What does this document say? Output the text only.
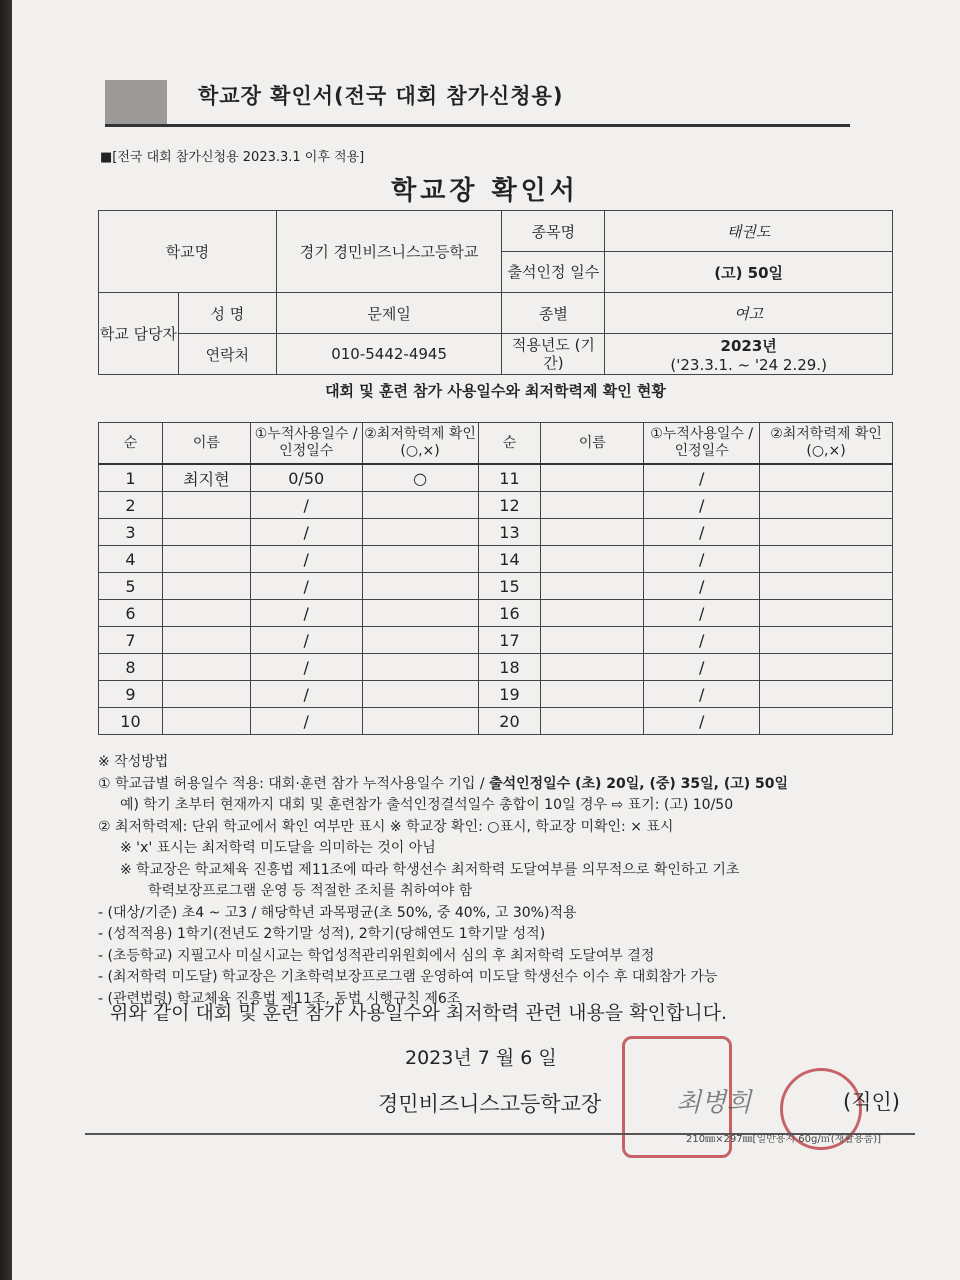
학교장 확인서(전국 대회 참가신청용)
■[전국 대회 참가신청용 2023.3.1 이후 적용]
학교장 확인서
학교명		경기 경민비즈니스고등학교	종목명	태권도
			출석인정 일수	(고) 50일
학교 담당자	성 명	문제일	종별	여고
	연락처	010-5442-4945	적용년도 (기간)	2023년
('23.3.1. ~ '24 2.29.)
대회 및 훈련 참가 사용일수와 최저학력제 확인 현황
순	이름	①누적사용일수 /인정일수	②최저학력제 확인(○,×)	순	이름	①누적사용일수 /인정일수	②최저학력제 확인(○,×)
1	최지현	0/50	○	11		/	
2		/		12		/	
3		/		13		/	
4		/		14		/	
5		/		15		/	
6		/		16		/	
7		/		17		/	
8		/		18		/	
9		/		19		/	
10		/		20		/	
※ 작성방법
① 학교급별 허용일수 적용: 대회·훈련 참가 누적사용일수 기입 / 출석인정일수 (초) 20일, (중) 35일, (고) 50일
예) 학기 초부터 현재까지 대회 및 훈련참가 출석인정결석일수 총합이 10일 경우 ⇨ 표기: (고) 10/50
② 최저학력제: 단위 학교에서 확인 여부만 표시 ※ 학교장 확인: ○표시, 학교장 미확인: × 표시
※ 'x' 표시는 최저학력 미도달을 의미하는 것이 아님
※ 학교장은 학교체육 진흥법 제11조에 따라 학생선수 최저학력 도달여부를 의무적으로 확인하고 기초
학력보장프로그램 운영 등 적절한 조치를 취하여야 함
- (대상/기준) 초4 ~ 고3 / 해당학년 과목평균(초 50%, 중 40%, 고 30%)적용
- (성적적용) 1학기(전년도 2학기말 성적), 2학기(당해연도 1학기말 성적)
- (초등학교) 지필고사 미실시교는 학업성적관리위원회에서 심의 후 최저학력 도달여부 결정
- (최저학력 미도달) 학교장은 기초학력보장프로그램 운영하여 미도달 학생선수 이수 후 대회참가 가능
- (관련법령) 학교체육 진흥법 제11조, 동법 시행규칙 제6조
위와 같이 대회 및 훈련 참가 사용일수와 최저학력 관련 내용을 확인합니다.
2023년 7 월 6 일
경민비즈니스고등학교장	최병희	(직인)
210㎜×297㎜[일반용지 60g/㎡(재활용품)]
